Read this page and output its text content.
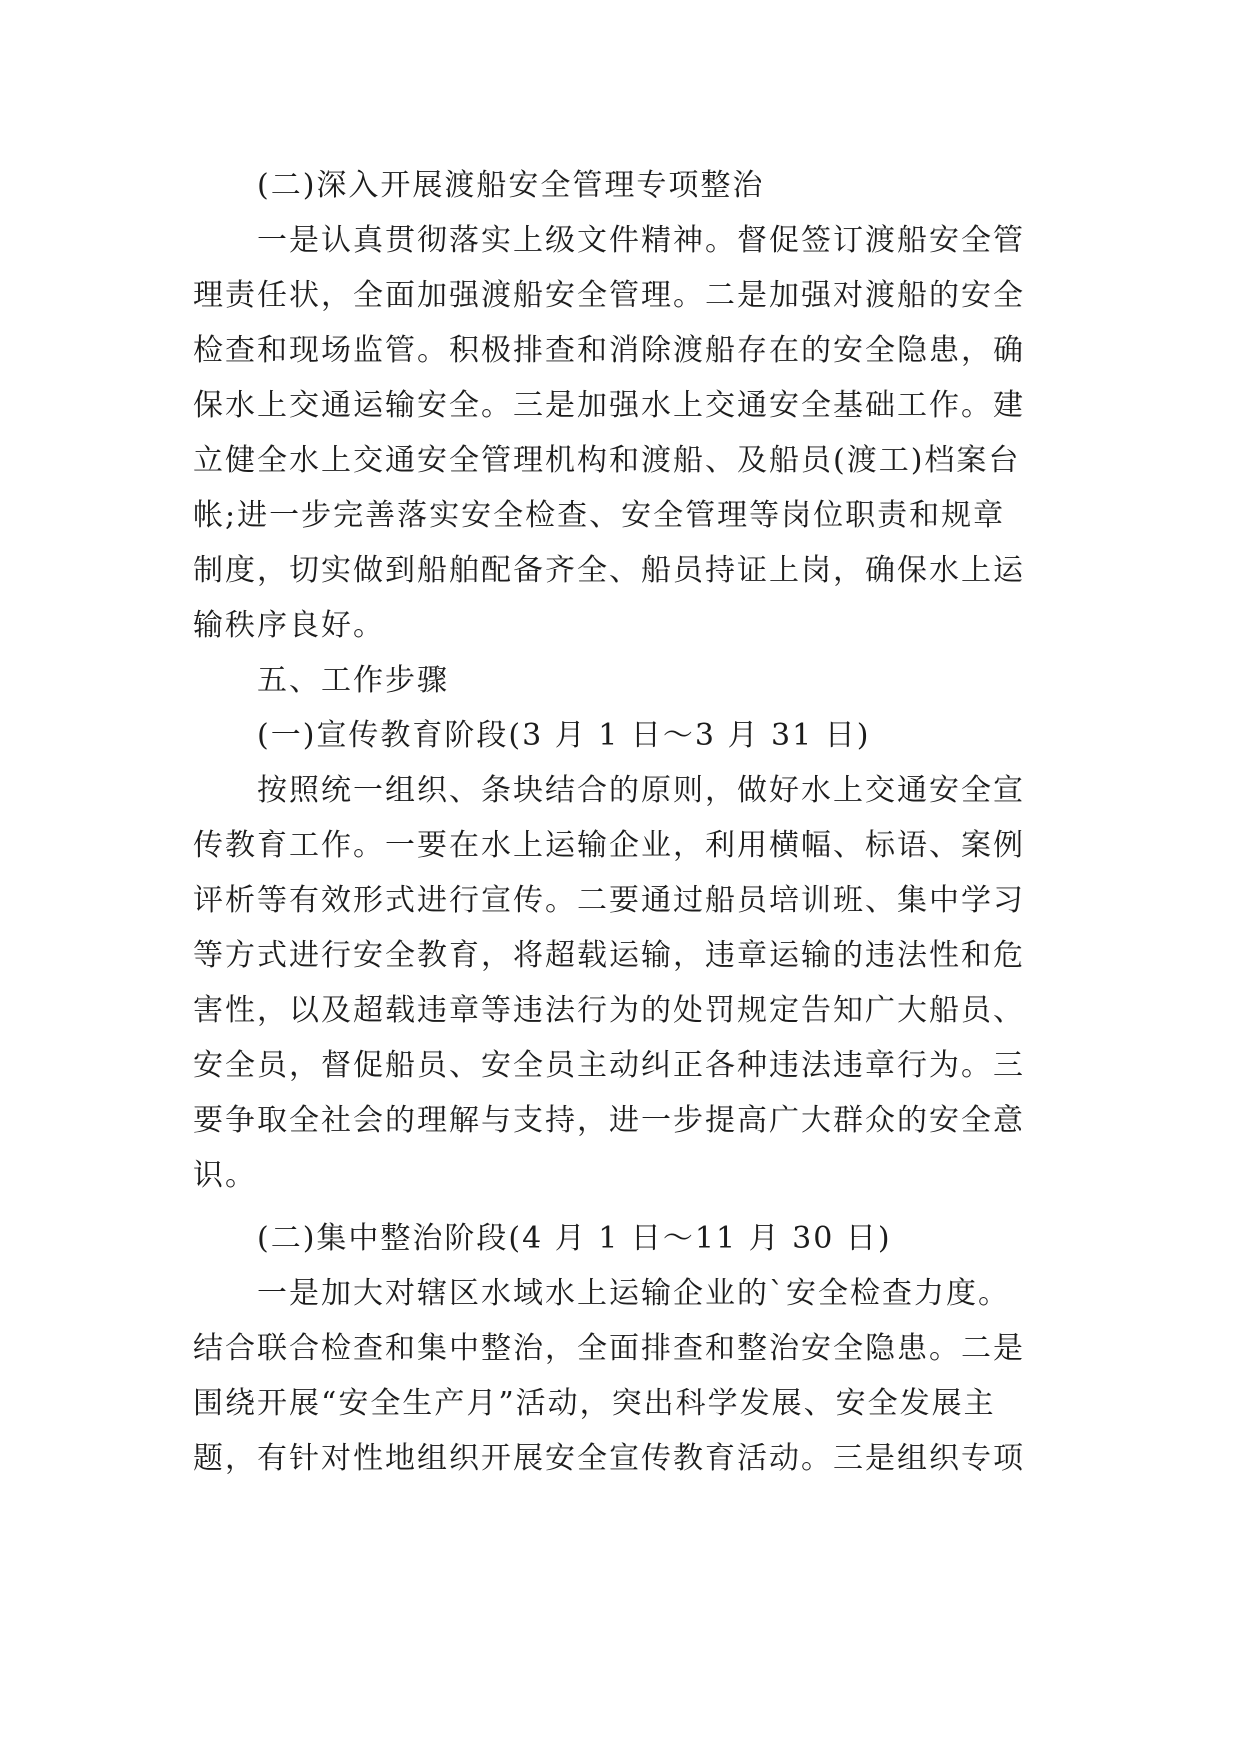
(二)深入开展渡船安全管理专项整治

一是认真贯彻落实上级文件精神。督促签订渡船安全管

理责任状，全面加强渡船安全管理。二是加强对渡船的安全

检查和现场监管。积极排查和消除渡船存在的安全隐患，确

保水上交通运输安全。三是加强水上交通安全基础工作。建

立健全水上交通安全管理机构和渡船、及船员(渡工)档案台

帐;进一步完善落实安全检查、安全管理等岗位职责和规章

制度，切实做到船舶配备齐全、船员持证上岗，确保水上运

输秩序良好。

五、工作步骤

(一)宣传教育阶段(3 月 1 日～3 月 31 日)

按照统一组织、条块结合的原则，做好水上交通安全宣

传教育工作。一要在水上运输企业，利用横幅、标语、案例

评析等有效形式进行宣传。二要通过船员培训班、集中学习

等方式进行安全教育，将超载运输，违章运输的违法性和危

害性，以及超载违章等违法行为的处罚规定告知广大船员、

安全员，督促船员、安全员主动纠正各种违法违章行为。三

要争取全社会的理解与支持，进一步提高广大群众的安全意

识。

(二)集中整治阶段(4 月 1 日～11 月 30 日)

一是加大对辖区水域水上运输企业的`安全检查力度。

结合联合检查和集中整治，全面排查和整治安全隐患。二是

围绕开展“安全生产月”活动，突出科学发展、安全发展主

题，有针对性地组织开展安全宣传教育活动。三是组织专项
